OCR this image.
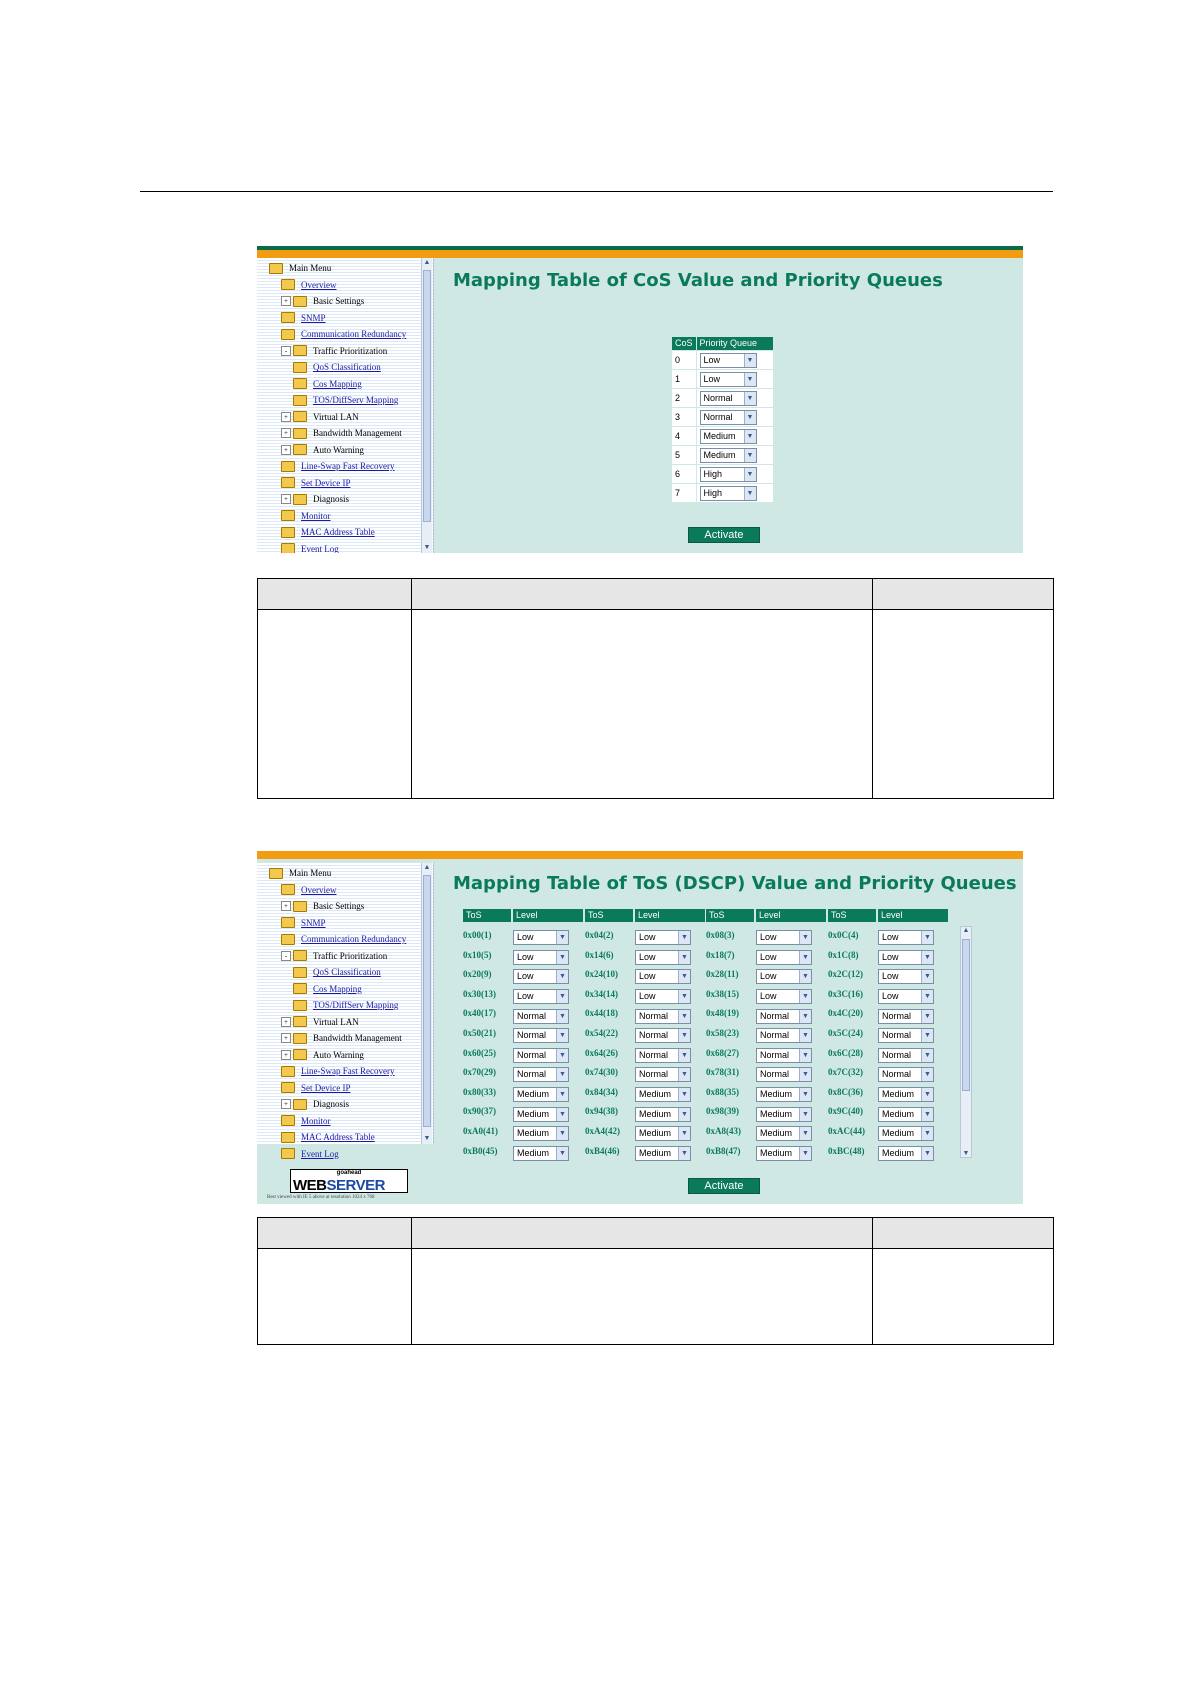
▲
▼
Main Menu
Overview
+	Basic Settings
SNMP
Communication Redundancy
-	Traffic Prioritization
QoS Classification
Cos Mapping
TOS/DiffServ Mapping
+	Virtual LAN
+	Bandwidth Management
+	Auto Warning
Line-Swap Fast Recovery
Set Device IP
+	Diagnosis
Monitor
MAC Address Table
Event Log
Mapping Table of CoS Value and Priority Queues
CoS	Priority Queue
0	Low ▼

1	Low ▼

2	Normal ▼

3	Normal ▼

4	Medium ▼

5	Medium ▼

6	High ▼

7	High ▼
Activate
▲
▼
Main Menu
Overview
+	Basic Settings
SNMP
Communication Redundancy
-	Traffic Prioritization
QoS Classification
Cos Mapping
TOS/DiffServ Mapping
+	Virtual LAN
+	Bandwidth Management
+	Auto Warning
Line-Swap Fast Recovery
Set Device IP
+	Diagnosis
Monitor
MAC Address Table
Event Log
goahead
WEBSERVER
Best viewed with IE 5 above at resolution 1024 x 768
Mapping Table of ToS (DSCP) Value and Priority Queues
ToS	Level	ToS	Level	ToS	Level	ToS	Level
0x00(1)	Low	▼ 0x04(2)	Low	▼ 0x08(3)	Low	▼ 0x0C(4)	Low	▼
0x10(5)	Low	▼ 0x14(6)	Low	▼ 0x18(7)	Low	▼ 0x1C(8)	Low	▼
0x20(9)	Low	▼ 0x24(10)	Low	▼ 0x28(11)	Low	▼ 0x2C(12)	Low	▼
0x30(13)	Low	▼ 0x34(14)	Low	▼ 0x38(15)	Low	▼ 0x3C(16)	Low	▼
0x40(17)	Normal	▼ 0x44(18)	Normal	▼ 0x48(19)	Normal	▼ 0x4C(20)	Normal	▼
0x50(21)	Normal	▼ 0x54(22)	Normal	▼ 0x58(23)	Normal	▼ 0x5C(24)	Normal	▼
0x60(25)	Normal	▼ 0x64(26)	Normal	▼ 0x68(27)	Normal	▼ 0x6C(28)	Normal	▼
0x70(29)	Normal	▼ 0x74(30)	Normal	▼ 0x78(31)	Normal	▼ 0x7C(32)	Normal	▼
0x80(33)	Medium	▼ 0x84(34)	Medium	▼ 0x88(35)	Medium	▼ 0x8C(36)	Medium	▼
0x90(37)	Medium	▼ 0x94(38)	Medium	▼ 0x98(39)	Medium	▼ 0x9C(40)	Medium	▼
0xA0(41)	Medium	▼ 0xA4(42)	Medium	▼ 0xA8(43)	Medium	▼ 0xAC(44)	Medium	▼
0xB0(45)	Medium	▼ 0xB4(46)	Medium	▼ 0xB8(47)	Medium	▼ 0xBC(48)	Medium	▼
▲
▼
Activate
